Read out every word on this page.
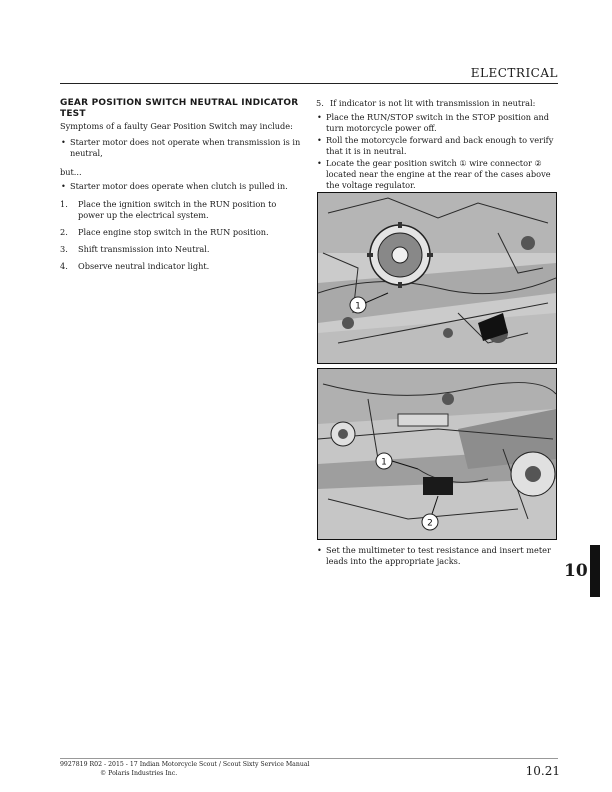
ELECTRICAL
GEAR POSITION SWITCH NEUTRAL INDICATOR TEST

Symptoms of a faulty Gear Position Switch may include:

• Starter motor does not operate when transmission is in neutral,

but...

• Starter motor does operate when clutch is pulled in.
1. Place the ignition switch in the RUN position to power up the electrical system.
2. Place engine stop switch in the RUN position.
3. Shift transmission into Neutral.
4. Observe neutral indicator light.
5. If indicator is not lit with transmission in neutral:
• Place the RUN/STOP switch in the STOP position and turn motorcycle power off.
• Roll the motorcycle forward and back enough to verify that it is in neutral.
• Locate the gear position switch ① wire connector ② located near the engine at the rear of the cases above the voltage regulator.
1
1
2
• Set the multimeter to test resistance and insert meter leads into the appropriate jacks.	10
9927819 R02 - 2015 - 17 Indian Motorcycle Scout / Scout Sixty Service Manual
© Polaris Industries Inc.	10.21
